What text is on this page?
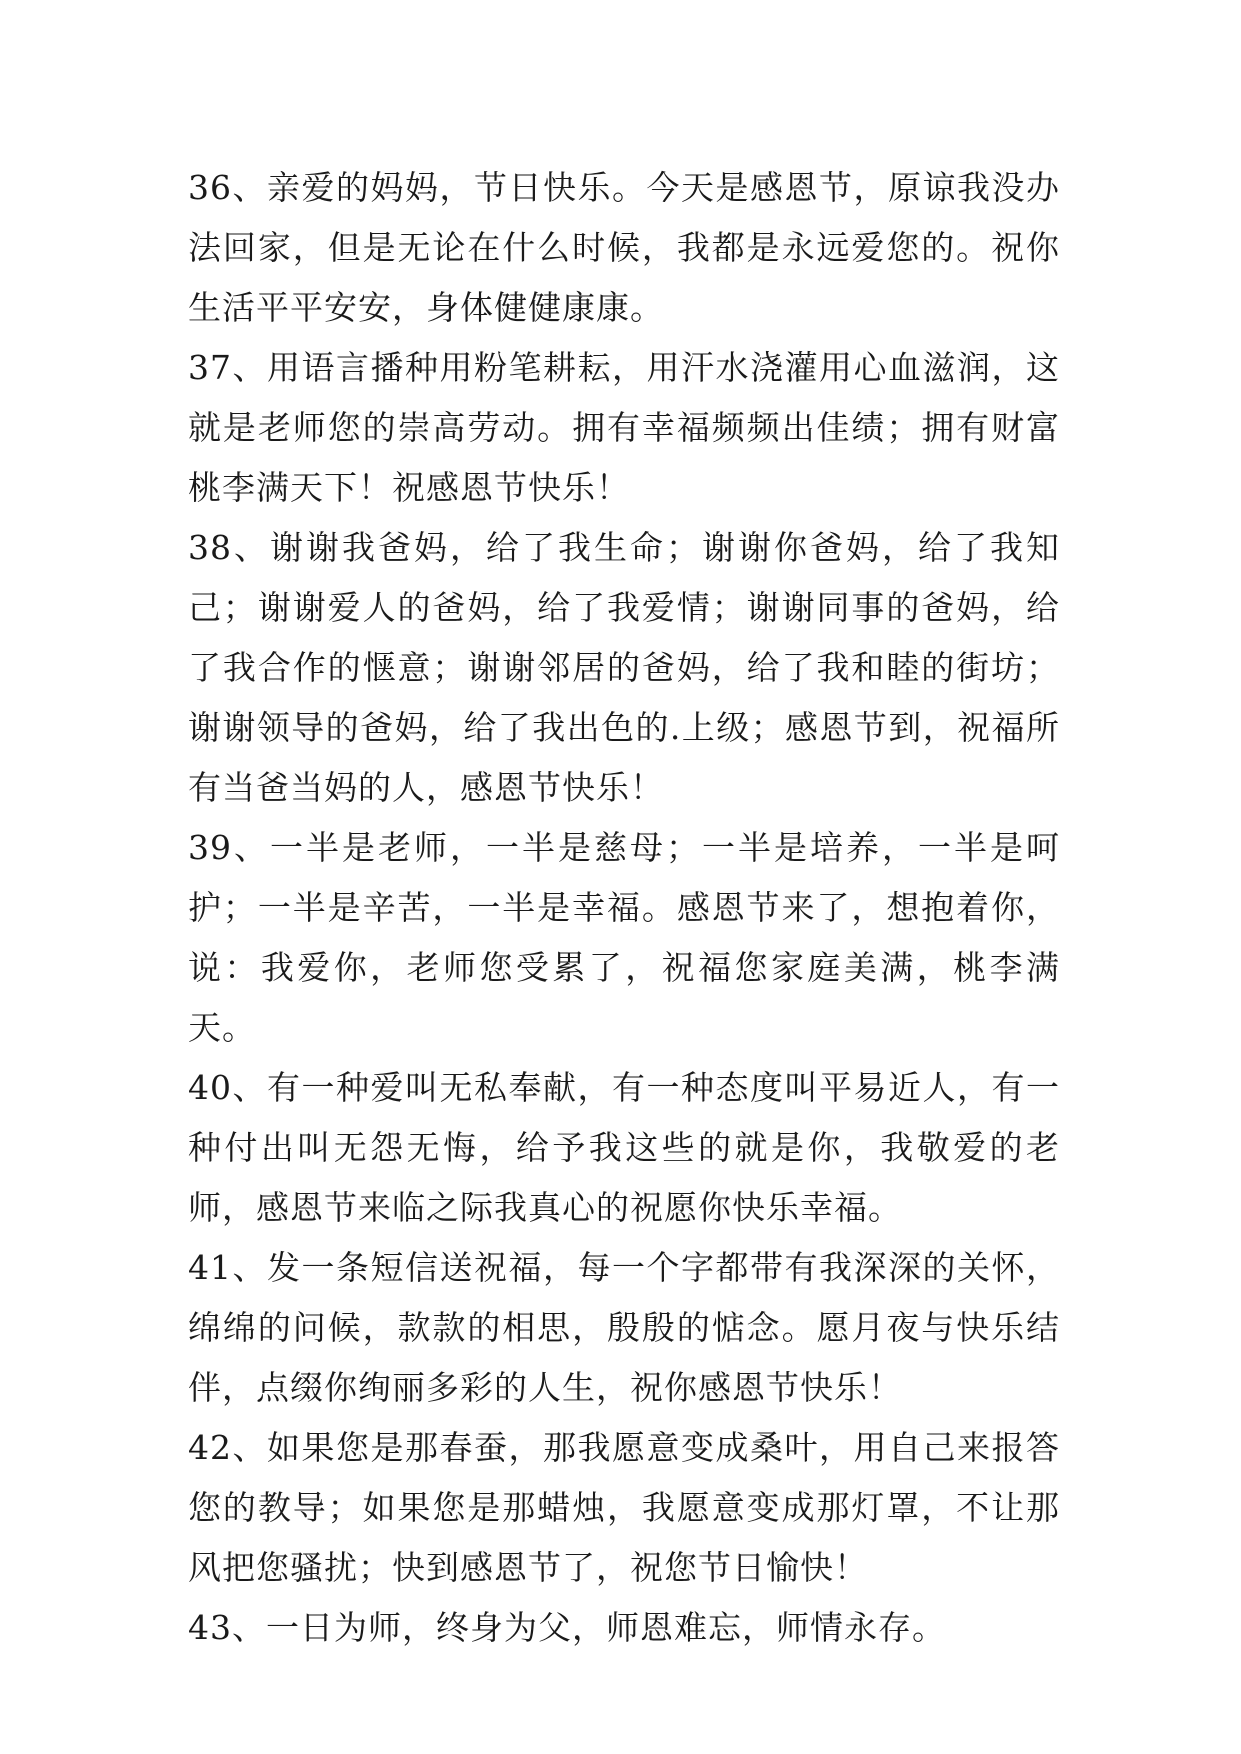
36、亲爱的妈妈，节日快乐。今天是感恩节，原谅我没办法回家，但是无论在什么时候，我都是永远爱您的。祝你生活平平安安，身体健健康康。

37、用语言播种用粉笔耕耘，用汗水浇灌用心血滋润，这就是老师您的崇高劳动。拥有幸福频频出佳绩；拥有财富桃李满天下！祝感恩节快乐！

38、谢谢我爸妈，给了我生命；谢谢你爸妈，给了我知己；谢谢爱人的爸妈，给了我爱情；谢谢同事的爸妈，给了我合作的惬意；谢谢邻居的爸妈，给了我和睦的街坊；谢谢领导的爸妈，给了我出色的.上级；感恩节到，祝福所有当爸当妈的人，感恩节快乐！

39、一半是老师，一半是慈母；一半是培养，一半是呵护；一半是辛苦，一半是幸福。感恩节来了，想抱着你，说：我爱你，老师您受累了，祝福您家庭美满，桃李满天。

40、有一种爱叫无私奉献，有一种态度叫平易近人，有一种付出叫无怨无悔，给予我这些的就是你，我敬爱的老师，感恩节来临之际我真心的祝愿你快乐幸福。

41、发一条短信送祝福，每一个字都带有我深深的关怀，绵绵的问候，款款的相思，殷殷的惦念。愿月夜与快乐结伴，点缀你绚丽多彩的人生，祝你感恩节快乐！

42、如果您是那春蚕，那我愿意变成桑叶，用自己来报答您的教导；如果您是那蜡烛，我愿意变成那灯罩，不让那风把您骚扰；快到感恩节了，祝您节日愉快！

43、一日为师，终身为父，师恩难忘，师情永存。
